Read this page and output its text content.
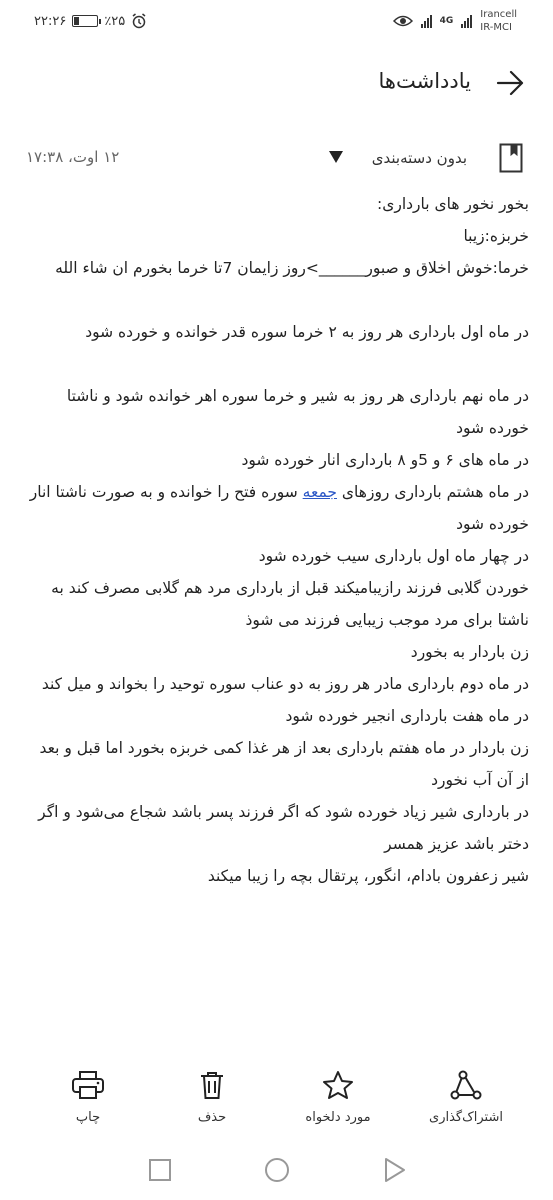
۲۲:۲۶	٪۲۵	4G
Irancell
IR-MCI
یادداشت‌ها
۱۲ اوت، ۱۷:۳۸	بدون دسته‌بندی

بخور نخور های بارداری:

خربزه:زیبا

خرما:خوش اخلاق و صبور______>روز زایمان 7تا خرما بخورم ان شاء الله

در ماه اول بارداری هر روز به ۲ خرما سوره قدر خوانده و خورده شود

در ماه نهم بارداری هر روز به شیر و خرما سوره اهر خوانده شود و ناشتا خورده شود

در ماه های ۶ و 5و ۸ بارداری انار خورده شود

در ماه هشتم بارداری روزهای جمعه سوره فتح را خوانده و به صورت ناشتا انار خورده شود

در چهار ماه اول بارداری سیب خورده شود

خوردن گلابی فرزند رازیبامیکند قبل از بارداری مرد هم گلابی مصرف کند به ناشتا برای مرد موجب زیبایی فرزند می شوذ

زن باردار به بخورد

در ماه دوم بارداری مادر هر روز به دو عناب سوره توحید را بخواند و میل کند

در ماه هفت بارداری انجیر خورده شود

زن باردار در ماه هفتم بارداری بعد از هر غذا کمی خربزه بخورد اما قبل و بعد از آن آب نخورد

در بارداری شیر زیاد خورده شود که اگر فرزند پسر باشد شجاع می‌شود و اگر دختر باشد عزیز همسر

شیر زعفرون بادام، انگور، پرتقال بچه را زیبا میکند

چاپ	حذف	مورد دلخواه	اشتراک‌گذاری
